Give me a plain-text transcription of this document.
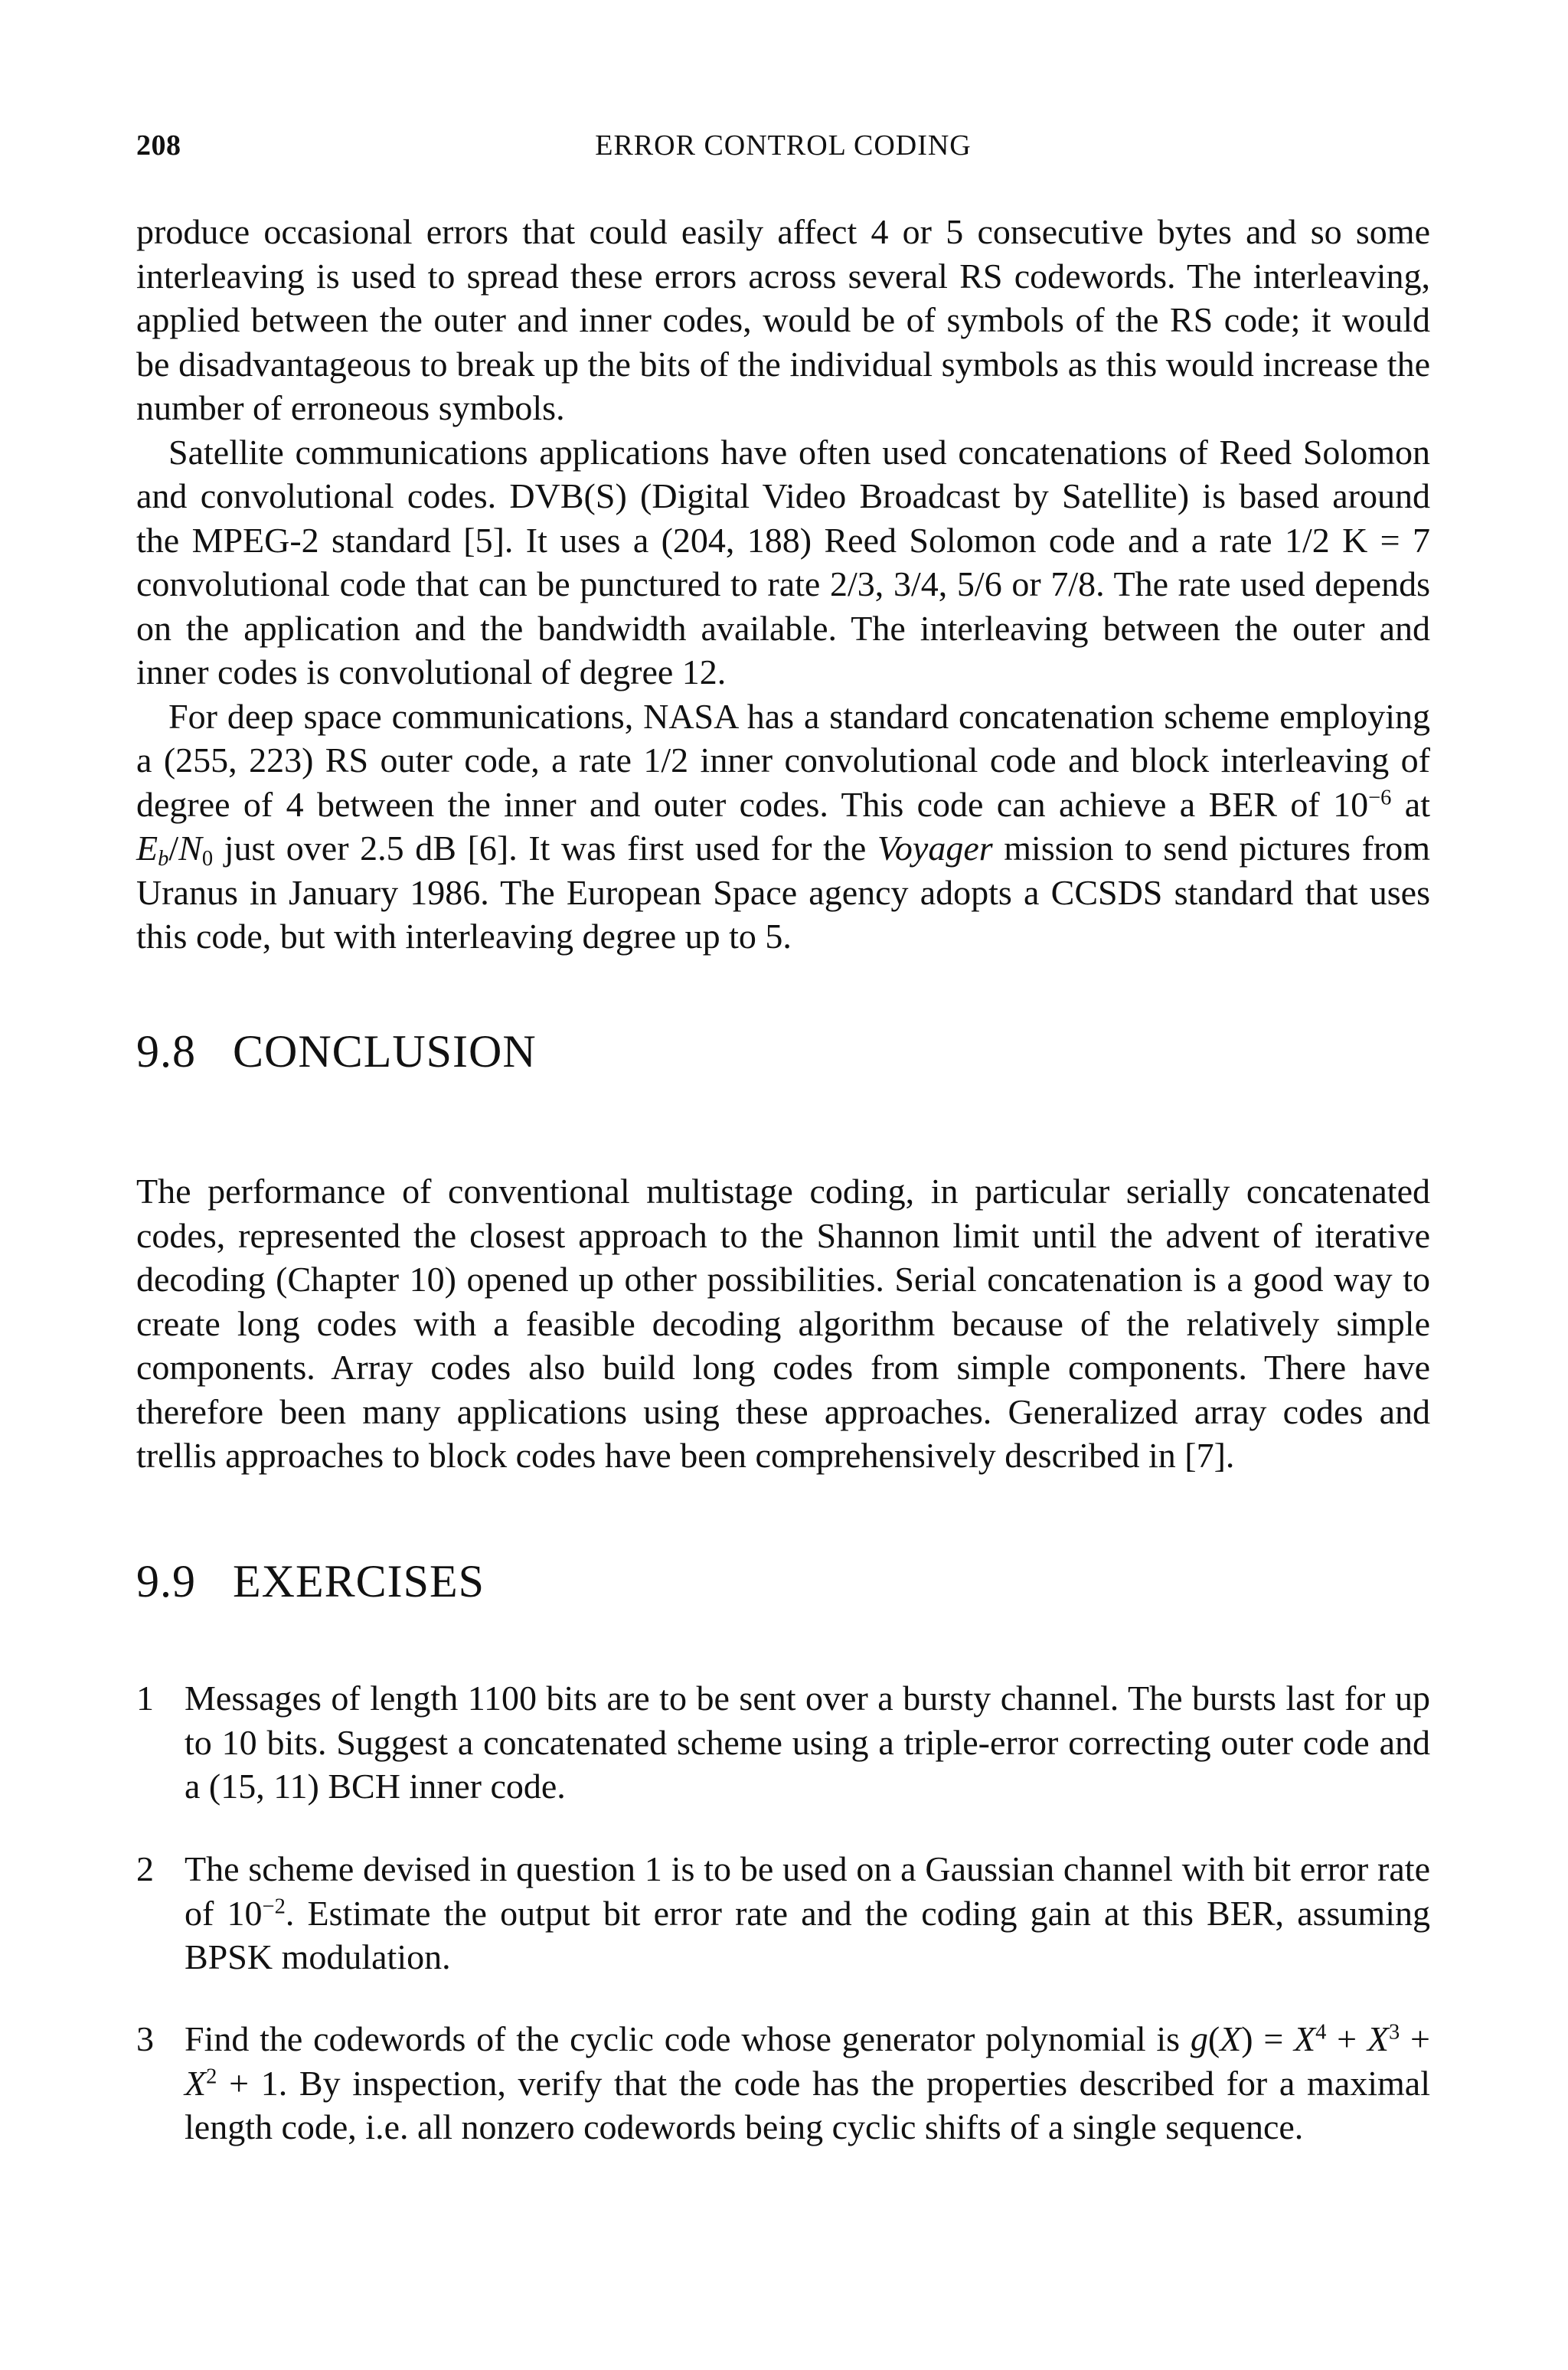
208	ERROR CONTROL CODING

produce occasional errors that could easily affect 4 or 5 consecutive bytes and so some interleaving is used to spread these errors across several RS codewords. The interleaving, applied between the outer and inner codes, would be of symbols of the RS code; it would be disadvantageous to break up the bits of the individual symbols as this would increase the number of erroneous symbols.

Satellite communications applications have often used concatenations of Reed Solomon and convolutional codes. DVB(S) (Digital Video Broadcast by Satellite) is based around the MPEG-2 standard [5]. It uses a (204, 188) Reed Solomon code and a rate 1/2 K = 7 convolutional code that can be punctured to rate 2/3, 3/4, 5/6 or 7/8. The rate used depends on the application and the bandwidth available. The interleaving between the outer and inner codes is convolutional of degree 12.

For deep space communications, NASA has a standard concatenation scheme employing a (255, 223) RS outer code, a rate 1/2 inner convolutional code and block interleaving of degree of 4 between the inner and outer codes. This code can achieve a BER of $10^{-6}$ at $E_b/N_0$ just over 2.5 dB [6]. It was first used for the Voyager mission to send pictures from Uranus in January 1986. The European Space agency adopts a CCSDS standard that uses this code, but with interleaving degree up to 5.

9.8 CONCLUSION

The performance of conventional multistage coding, in particular serially concatenated codes, represented the closest approach to the Shannon limit until the advent of iterative decoding (Chapter 10) opened up other possibilities. Serial concatenation is a good way to create long codes with a feasible decoding algorithm because of the relatively simple components. Array codes also build long codes from simple components. There have therefore been many applications using these approaches. Generalized array codes and trellis approaches to block codes have been comprehensively described in [7].

9.9 EXERCISES
1 Messages of length 1100 bits are to be sent over a bursty channel. The bursts last for up to 10 bits. Suggest a concatenated scheme using a triple-error correcting outer code and a (15, 11) BCH inner code.

2 The scheme devised in question 1 is to be used on a Gaussian channel with bit error rate of $10^{-2}$. Estimate the output bit error rate and the coding gain at this BER, assuming BPSK modulation.

3 Find the codewords of the cyclic code whose generator polynomial is $g(X) = X^4 + X^3 + X^2 + 1$. By inspection, verify that the code has the properties described for a maximal length code, i.e. all nonzero codewords being cyclic shifts of a single sequence.
